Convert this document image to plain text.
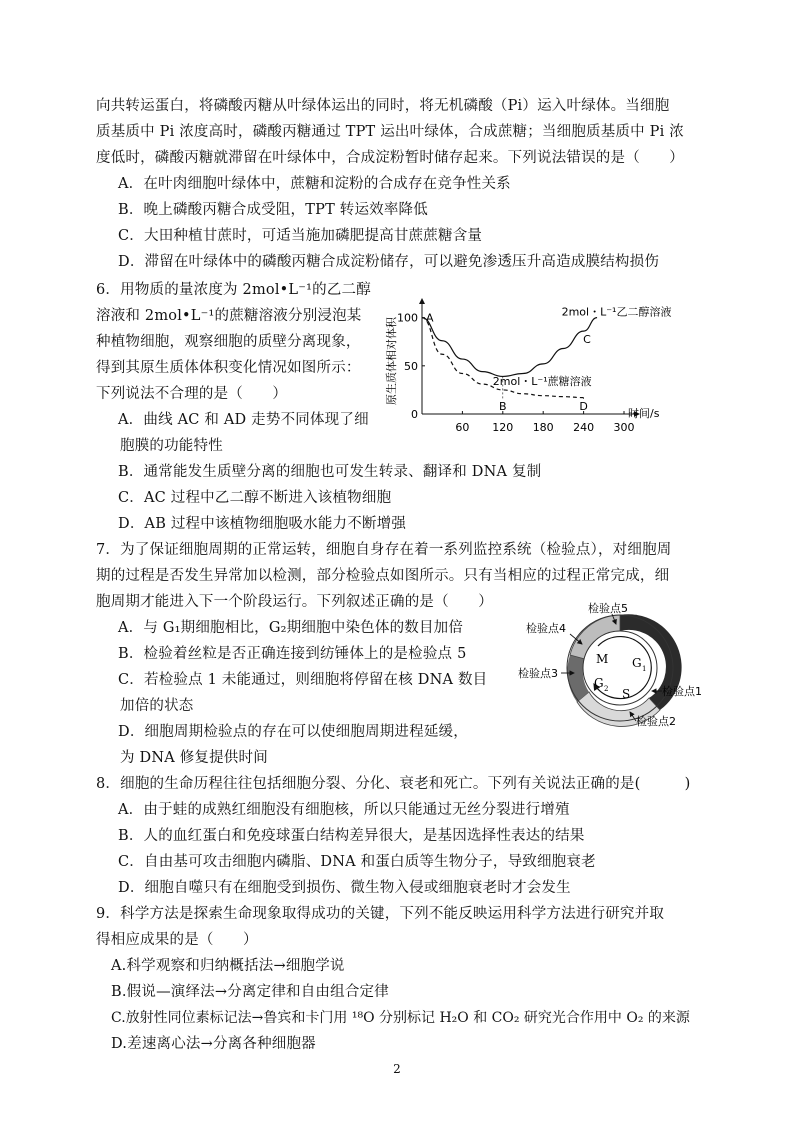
向共转运蛋白，将磷酸丙糖从叶绿体运出的同时，将无机磷酸（Pi）运入叶绿体。当细胞
质基质中 Pi 浓度高时，磷酸丙糖通过 TPT 运出叶绿体，合成蔗糖；当细胞质基质中 Pi 浓
度低时，磷酸丙糖就滞留在叶绿体中，合成淀粉暂时储存起来。下列说法错误的是（　　）
A．在叶肉细胞叶绿体中，蔗糖和淀粉的合成存在竞争性关系
B．晚上磷酸丙糖合成受阻，TPT 转运效率降低
C．大田种植甘蔗时，可适当施加磷肥提高甘蔗蔗糖含量
D．滞留在叶绿体中的磷酸丙糖合成淀粉储存，可以避免渗透压升高造成膜结构损伤
6．用物质的量浓度为 2mol•L⁻¹的乙二醇
溶液和 2mol•L⁻¹的蔗糖溶液分别浸泡某
种植物细胞，观察细胞的质壁分离现象，
得到其原生质体体积变化情况如图所示：
下列说法不合理的是（　　）
A．曲线 AC 和 AD 走势不同体现了细
胞膜的功能特性
B．通常能发生质壁分离的细胞也可发生转录、翻译和 DNA 复制
C．AC 过程中乙二醇不断进入该植物细胞
D．AB 过程中该植物细胞吸水能力不断增强
60 120 180 240 300
0
50
100
时间/s
原生质体相对体积
2mol・L⁻¹乙二醇溶液
2mol・L⁻¹蔗糖溶液
A
B
C
D
7．为了保证细胞周期的正常运转，细胞自身存在着一系列监控系统（检验点），对细胞周
期的过程是否发生异常加以检测，部分检验点如图所示。只有当相应的过程正常完成，细
胞周期才能进入下一个阶段运行。下列叙述正确的是（　　）
A．与 G₁期细胞相比，G₂期细胞中染色体的数目加倍
B．检验着丝粒是否正确连接到纺锤体上的是检验点 5
C．若检验点 1 未能通过，则细胞将停留在核 DNA 数目
加倍的状态
D．细胞周期检验点的存在可以使细胞周期进程延缓，
为 DNA 修复提供时间
M G 1
G 2 S
检验点5
检验点4
检验点3
检验点1
检验点2
8．细胞的生命历程往往包括细胞分裂、分化、衰老和死亡。下列有关说法正确的是(　　　)
A．由于蛙的成熟红细胞没有细胞核，所以只能通过无丝分裂进行增殖
B．人的血红蛋白和免疫球蛋白结构差异很大，是基因选择性表达的结果
C．自由基可攻击细胞内磷脂、DNA 和蛋白质等生物分子，导致细胞衰老
D．细胞自噬只有在细胞受到损伤、微生物入侵或细胞衰老时才会发生
9．科学方法是探索生命现象取得成功的关键，下列不能反映运用科学方法进行研究并取
得相应成果的是（　　）
A.科学观察和归纳概括法→细胞学说
B.假说—演绎法→分离定律和自由组合定律
C.放射性同位素标记法→鲁宾和卡门用 ¹⁸O 分别标记 H₂O 和 CO₂ 研究光合作用中 O₂ 的来源
D.差速离心法→分离各种细胞器
2
